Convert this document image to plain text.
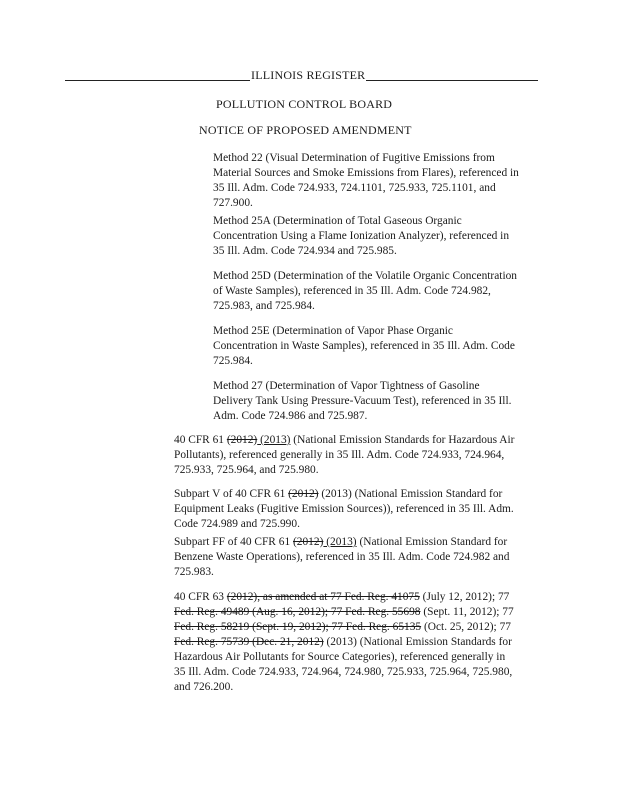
ILLINOIS REGISTER
POLLUTION CONTROL BOARD
NOTICE OF PROPOSED AMENDMENT

Method 22 (Visual Determination of Fugitive Emissions from
Material Sources and Smoke Emissions from Flares), referenced in
35 Ill. Adm. Code 724.933, 724.1101, 725.933, 725.1101, and
727.900.

Method 25A (Determination of Total Gaseous Organic
Concentration Using a Flame Ionization Analyzer), referenced in
35 Ill. Adm. Code 724.934 and 725.985.

Method 25D (Determination of the Volatile Organic Concentration
of Waste Samples), referenced in 35 Ill. Adm. Code 724.982,
725.983, and 725.984.

Method 25E (Determination of Vapor Phase Organic
Concentration in Waste Samples), referenced in 35 Ill. Adm. Code
725.984.

Method 27 (Determination of Vapor Tightness of Gasoline
Delivery Tank Using Pressure-Vacuum Test), referenced in 35 Ill.
Adm. Code 724.986 and 725.987.

40 CFR 61 (2012) (2013) (National Emission Standards for Hazardous Air
Pollutants), referenced generally in 35 Ill. Adm. Code 724.933, 724.964,
725.933, 725.964, and 725.980.

Subpart V of 40 CFR 61 (2012) (2013) (National Emission Standard for
Equipment Leaks (Fugitive Emission Sources)), referenced in 35 Ill. Adm.
Code 724.989 and 725.990.

Subpart FF of 40 CFR 61 (2012) (2013) (National Emission Standard for
Benzene Waste Operations), referenced in 35 Ill. Adm. Code 724.982 and
725.983.

40 CFR 63 (2012), as amended at 77 Fed. Reg. 41075 (July 12, 2012); 77
Fed. Reg. 49489 (Aug. 16, 2012); 77 Fed. Reg. 55698 (Sept. 11, 2012); 77
Fed. Reg. 58219 (Sept. 19, 2012); 77 Fed. Reg. 65135 (Oct. 25, 2012); 77
Fed. Reg. 75739 (Dec. 21, 2012) (2013) (National Emission Standards for
Hazardous Air Pollutants for Source Categories), referenced generally in
35 Ill. Adm. Code 724.933, 724.964, 724.980, 725.933, 725.964, 725.980,
and 726.200.
